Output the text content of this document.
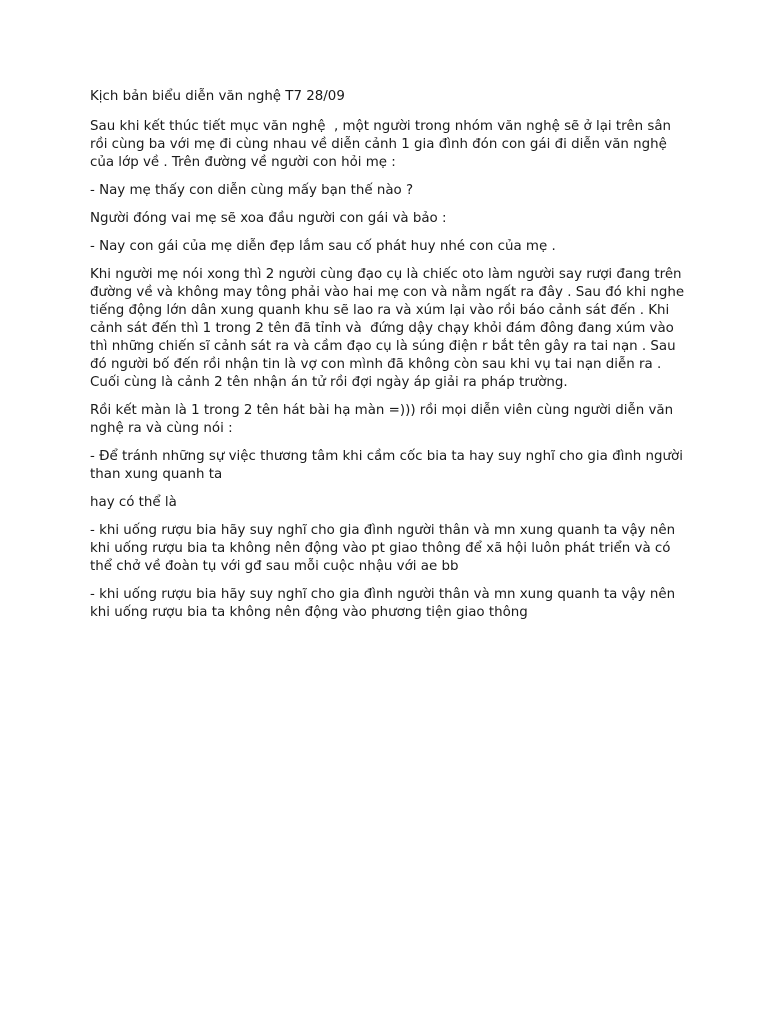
Kịch bản biểu diễn văn nghệ T7 28/09

Sau khi kết thúc tiết mục văn nghệ  , một người trong nhóm văn nghệ sẽ ở lại trên sân rồi cùng ba với mẹ đi cùng nhau về diễn cảnh 1 gia đình đón con gái đi diễn văn nghệ của lớp về . Trên đường về người con hỏi mẹ :

- Nay mẹ thấy con diễn cùng mấy bạn thế nào ?

Người đóng vai mẹ sẽ xoa đầu người con gái và bảo :

- Nay con gái của mẹ diễn đẹp lắm sau cố phát huy nhé con của mẹ .

Khi người mẹ nói xong thì 2 người cùng đạo cụ là chiếc oto làm người say rượi đang trên đường về và không may tông phải vào hai mẹ con và nằm ngất ra đây . Sau đó khi nghe tiếng động lớn dân xung quanh khu sẽ lao ra và xúm lại vào rồi báo cảnh sát đến . Khi cảnh sát đến thì 1 trong 2 tên đã tỉnh và  đứng dậy chạy khỏi đám đông đang xúm vào thì những chiến sĩ cảnh sát ra và cầm đạo cụ là súng điện r bắt tên gây ra tai nạn . Sau đó người bố đến rồi nhận tin là vợ con mình đã không còn sau khi vụ tai nạn diễn ra . Cuối cùng là cảnh 2 tên nhận án tử rồi đợi ngày áp giải ra pháp trường.

Rồi kết màn là 1 trong 2 tên hát bài hạ màn =))) rồi mọi diễn viên cùng người diễn văn nghệ ra và cùng nói :

- Để tránh những sự việc thương tâm khi cầm cốc bia ta hay suy nghĩ cho gia đình người than xung quanh ta

hay có thể là

- khi uống rượu bia hãy suy nghĩ cho gia đình người thân và mn xung quanh ta vậy nên khi uống rượu bia ta không nên động vào pt giao thông để xã hội luôn phát triển và có thể chở về đoàn tụ với gđ sau mỗi cuộc nhậu với ae bb

- khi uống rượu bia hãy suy nghĩ cho gia đình người thân và mn xung quanh ta vậy nên khi uống rượu bia ta không nên động vào phương tiện giao thông
